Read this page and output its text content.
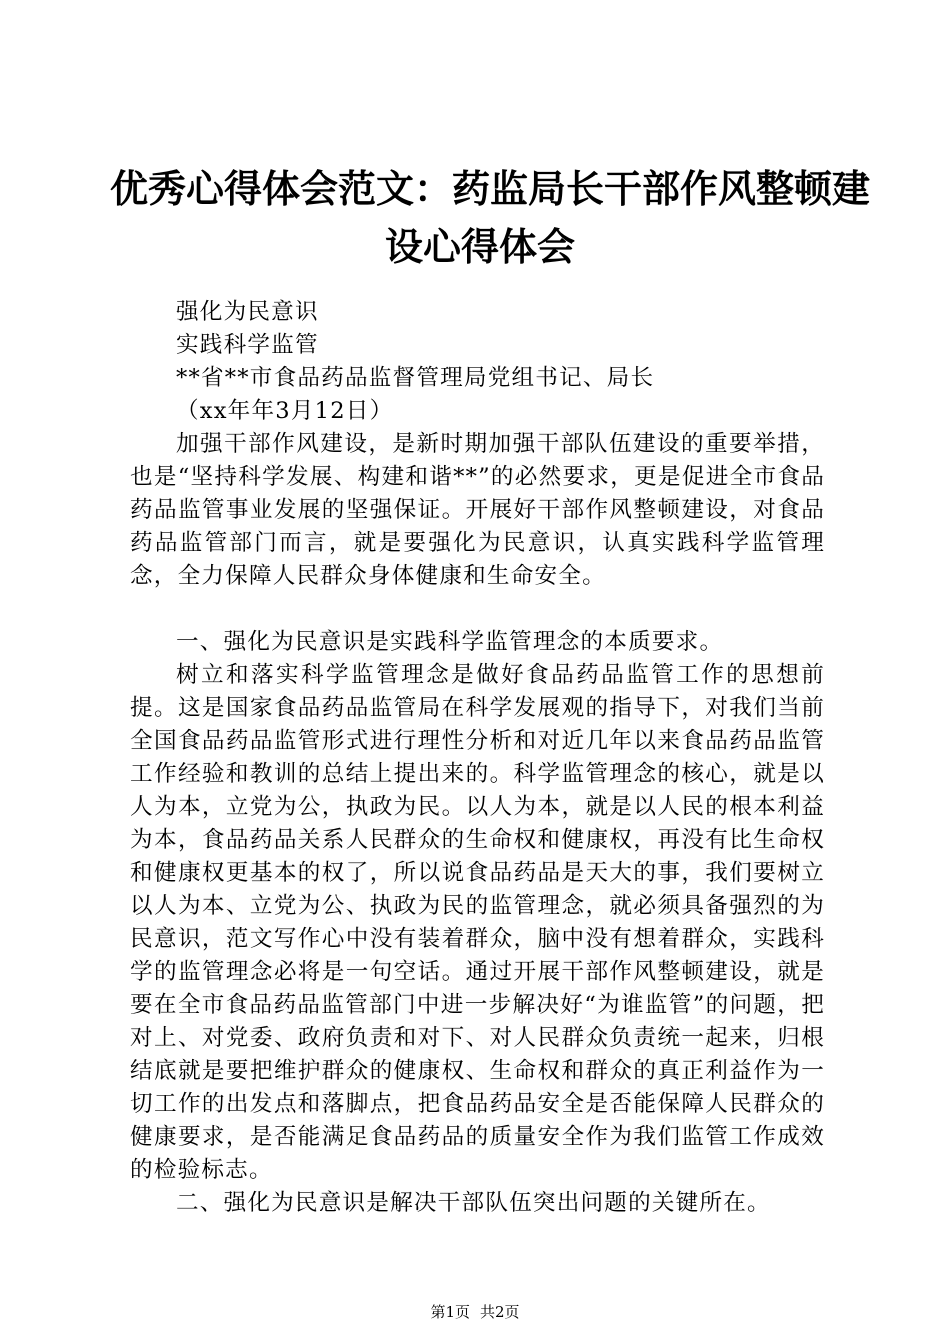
优秀心得体会范文：药监局长干部作风整顿建
设心得体会

强化为民意识

实践科学监管

**省**市食品药品监督管理局党组书记、局长

（xx年年3月12日）

加强干部作风建设，是新时期加强干部队伍建设的重要举措，也是“坚持科学发展、构建和谐**”的必然要求，更是促进全市食品药品监管事业发展的坚强保证。开展好干部作风整顿建设，对食品药品监管部门而言，就是要强化为民意识，认真实践科学监管理念，全力保障人民群众身体健康和生命安全。

一、强化为民意识是实践科学监管理念的本质要求。

树立和落实科学监管理念是做好食品药品监管工作的思想前提。这是国家食品药品监管局在科学发展观的指导下，对我们当前全国食品药品监管形式进行理性分析和对近几年以来食品药品监管工作经验和教训的总结上提出来的。科学监管理念的核心，就是以人为本，立党为公，执政为民。以人为本，就是以人民的根本利益为本，食品药品关系人民群众的生命权和健康权，再没有比生命权和健康权更基本的权了，所以说食品药品是天大的事，我们要树立以人为本、立党为公、执政为民的监管理念，就必须具备强烈的为民意识，范文写作心中没有装着群众，脑中没有想着群众，实践科学的监管理念必将是一句空话。通过开展干部作风整顿建设，就是要在全市食品药品监管部门中进一步解决好“为谁监管”的问题，把对上、对党委、政府负责和对下、对人民群众负责统一起来，归根结底就是要把维护群众的健康权、生命权和群众的真正利益作为一切工作的出发点和落脚点，把食品药品安全是否能保障人民群众的健康要求，是否能满足食品药品的质量安全作为我们监管工作成效的检验标志。

二、强化为民意识是解决干部队伍突出问题的关键所在。

第1页 共2页
